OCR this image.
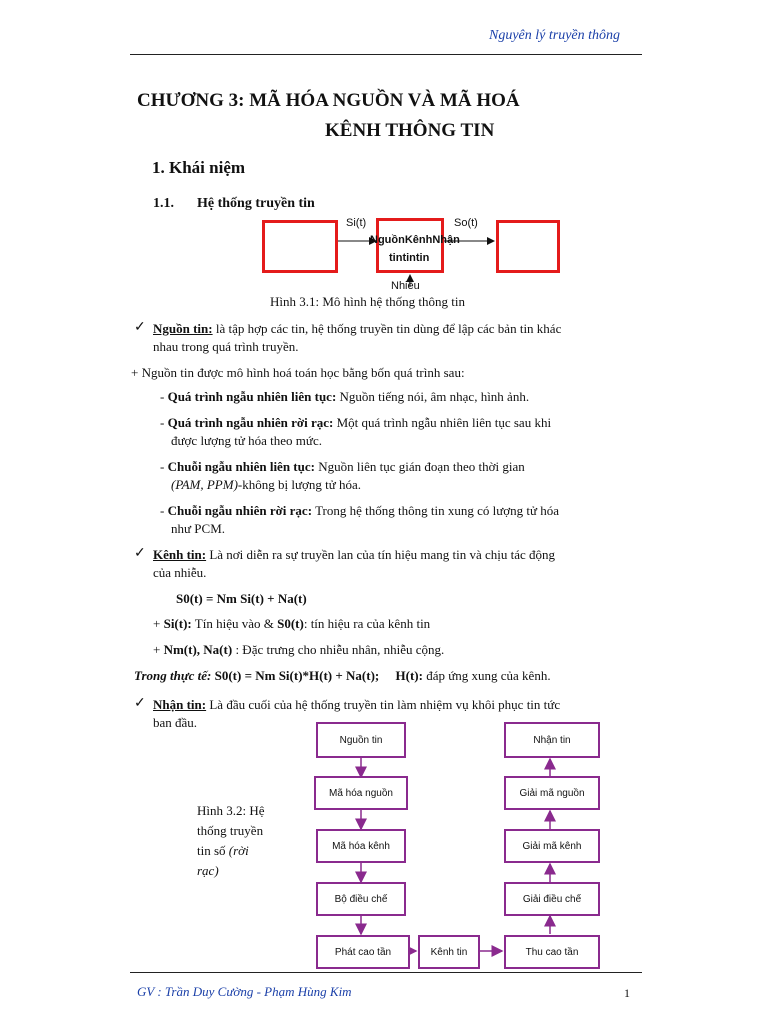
Nguyên lý truyền thông
CHƯƠNG 3: MÃ HÓA NGUỒN VÀ MÃ HOÁ
KÊNH THÔNG TIN
1. Khái niệm
1.1. Hệ thống truyền tin
Si(t)	So(t)
NguồnKênhNhận
tintintin
Nhiễu
Hình 3.1: Mô hình hệ thống thông tin
✓ Nguồn tin: là tập hợp các tin, hệ thống truyền tin dùng để lập các bản tin khác
nhau trong quá trình truyền.
+ Nguồn tin được mô hình hoá toán học bằng bốn quá trình sau:
- Quá trình ngẫu nhiên liên tục: Nguồn tiếng nói, âm nhạc, hình ảnh.
- Quá trình ngẫu nhiên rời rạc: Một quá trình ngẫu nhiên liên tục sau khi
được lượng tử hóa theo mức.
- Chuỗi ngẫu nhiên liên tục: Nguồn liên tục gián đoạn theo thời gian
(PAM, PPM)-không bị lượng tử hóa.
- Chuỗi ngẫu nhiên rời rạc: Trong hệ thống thông tin xung có lượng tử hóa
như PCM.
✓ Kênh tin: Là nơi diễn ra sự truyền lan của tín hiệu mang tin và chịu tác động
của nhiễu.
S0(t) = Nm Si(t) + Na(t)
+ Si(t): Tín hiệu vào & S0(t): tín hiệu ra của kênh tin
+ Nm(t), Na(t) : Đặc trưng cho nhiễu nhân, nhiễu cộng.
Trong thực tế: S0(t) = Nm Si(t)*H(t) + Na(t); H(t): đáp ứng xung của kênh.
✓ Nhận tin: Là đầu cuối của hệ thống truyền tin làm nhiệm vụ khôi phục tin tức
ban đầu.
Hình 3.2: Hệ
thống truyền
tin số (rời
rạc)
Nguồn tin
Mã hóa nguồn
Mã hóa kênh
Bộ điều chế
Phát cao tần	Kênh tin	Thu cao tần
Giải điều chế
Giải mã kênh
Giải mã nguồn
Nhận tin
GV : Trần Duy Cường - Phạm Hùng Kim	1
